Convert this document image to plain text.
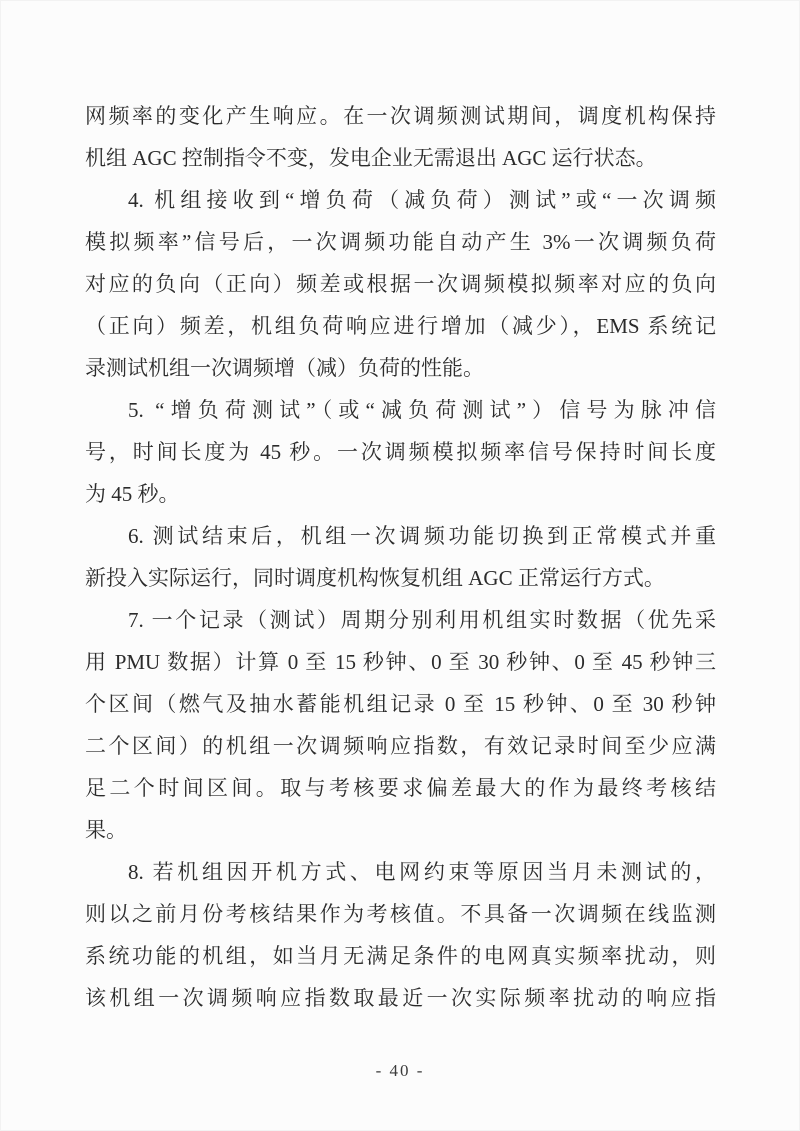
网频率的变化产生响应。在一次调频测试期间，调度机构保持
机组 AGC 控制指令不变，发电企业无需退出 AGC 运行状态。
4. 机组接收到“增负荷（减负荷）测试”或“一次调频
模拟频率”信号后，一次调频功能自动产生 3%一次调频负荷
对应的负向（正向）频差或根据一次调频模拟频率对应的负向
（正向）频差，机组负荷响应进行增加（减少），EMS 系统记
录测试机组一次调频增（减）负荷的性能。
5. “增负荷测试”（或“减负荷测试”）信号为脉冲信
号，时间长度为 45 秒。一次调频模拟频率信号保持时间长度
为 45 秒。
6. 测试结束后，机组一次调频功能切换到正常模式并重
新投入实际运行，同时调度机构恢复机组 AGC 正常运行方式。
7. 一个记录（测试）周期分别利用机组实时数据（优先采
用 PMU 数据）计算 0 至 15 秒钟、0 至 30 秒钟、0 至 45 秒钟三
个区间（燃气及抽水蓄能机组记录 0 至 15 秒钟、0 至 30 秒钟
二个区间）的机组一次调频响应指数，有效记录时间至少应满
足二个时间区间。取与考核要求偏差最大的作为最终考核结
果。
8. 若机组因开机方式、电网约束等原因当月未测试的，
则以之前月份考核结果作为考核值。不具备一次调频在线监测
系统功能的机组，如当月无满足条件的电网真实频率扰动，则
该机组一次调频响应指数取最近一次实际频率扰动的响应指
- 40 -
